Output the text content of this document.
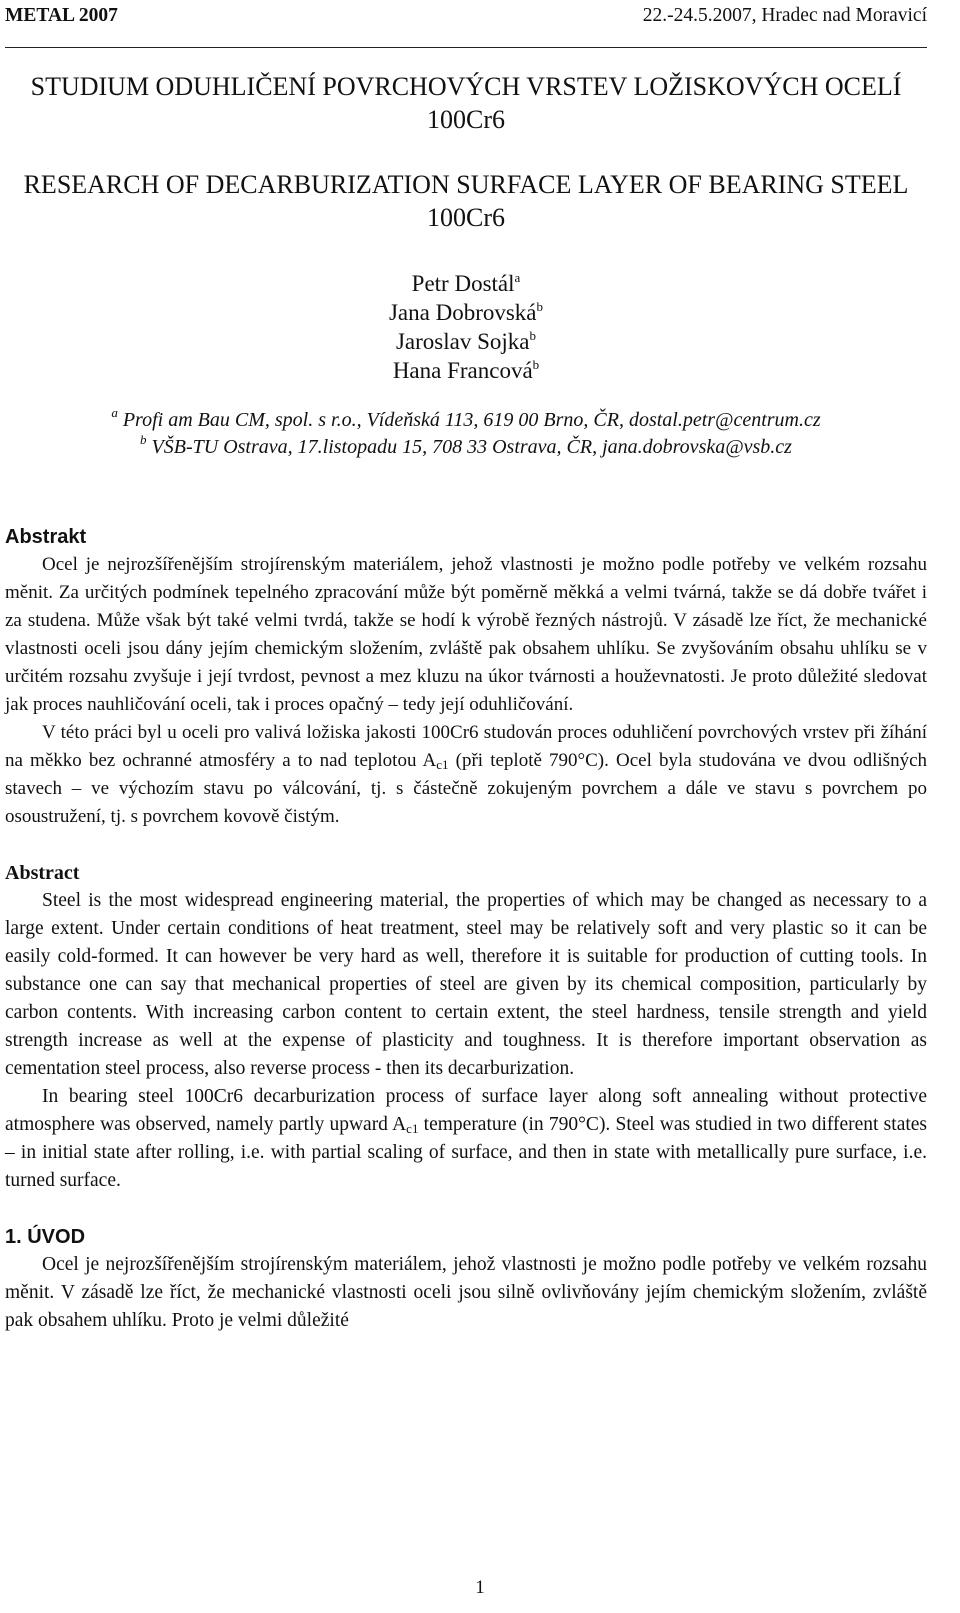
METAL 2007	22.-24.5.2007, Hradec nad Moravicí
STUDIUM ODUHLIČENÍ POVRCHOVÝCH VRSTEV LOŽISKOVÝCH OCELÍ 100Cr6
RESEARCH OF DECARBURIZATION SURFACE LAYER OF BEARING STEEL 100Cr6
Petr Dostál$^a$
Jana Dobrovská$^b$
Jaroslav Sojka$^b$
Hana Francová$^b$
$^a$ Profi am Bau CM, spol. s r.o., Vídeňská 113, 619 00 Brno, ČR, dostal.petr@centrum.cz
$^b$ VŠB-TU Ostrava, 17.listopadu 15, 708 33 Ostrava, ČR, jana.dobrovska@vsb.cz
Abstrakt

Ocel je nejrozšířenějším strojírenským materiálem, jehož vlastnosti je možno podle potřeby ve velkém rozsahu měnit. Za určitých podmínek tepelného zpracování může být poměrně měkká a velmi tvárná, takže se dá dobře tvářet i za studena. Může však být také velmi tvrdá, takže se hodí k výrobě řezných nástrojů. V zásadě lze říct, že mechanické vlastnosti oceli jsou dány jejím chemickým složením, zvláště pak obsahem uhlíku. Se zvyšováním obsahu uhlíku se v určitém rozsahu zvyšuje i její tvrdost, pevnost a mez kluzu na úkor tvárnosti a houževnatosti. Je proto důležité sledovat jak proces nauhličování oceli, tak i proces opačný – tedy její oduhličování.

V této práci byl u oceli pro valivá ložiska jakosti 100Cr6 studován proces oduhličení povrchových vrstev při žíhání na měkko bez ochranné atmosféry a to nad teplotou $A_{c1}$ (při teplotě 790°C). Ocel byla studována ve dvou odlišných stavech – ve výchozím stavu po válcování, tj. s částečně zokujeným povrchem a dále ve stavu s povrchem po osoustružení, tj. s povrchem kovově čistým.

Abstract

Steel is the most widespread engineering material, the properties of which may be changed as necessary to a large extent. Under certain conditions of heat treatment, steel may be relatively soft and very plastic so it can be easily cold-formed. It can however be very hard as well, therefore it is suitable for production of cutting tools. In substance one can say that mechanical properties of steel are given by its chemical composition, particularly by carbon contents. With increasing carbon content to certain extent, the steel hardness, tensile strength and yield strength increase as well at the expense of plasticity and toughness. It is therefore important observation as cementation steel process, also reverse process - then its decarburization.

In bearing steel 100Cr6 decarburization process of surface layer along soft annealing without protective atmosphere was observed, namely partly upward $A_{c1}$ temperature (in 790°C). Steel was studied in two different states – in initial state after rolling, i.e. with partial scaling of surface, and then in state with metallically pure surface, i.e. turned surface.

1. ÚVOD

Ocel je nejrozšířenějším strojírenským materiálem, jehož vlastnosti je možno podle potřeby ve velkém rozsahu měnit. V zásadě lze říct, že mechanické vlastnosti oceli jsou silně ovlivňovány jejím chemickým složením, zvláště pak obsahem uhlíku. Proto je velmi důležité

1
